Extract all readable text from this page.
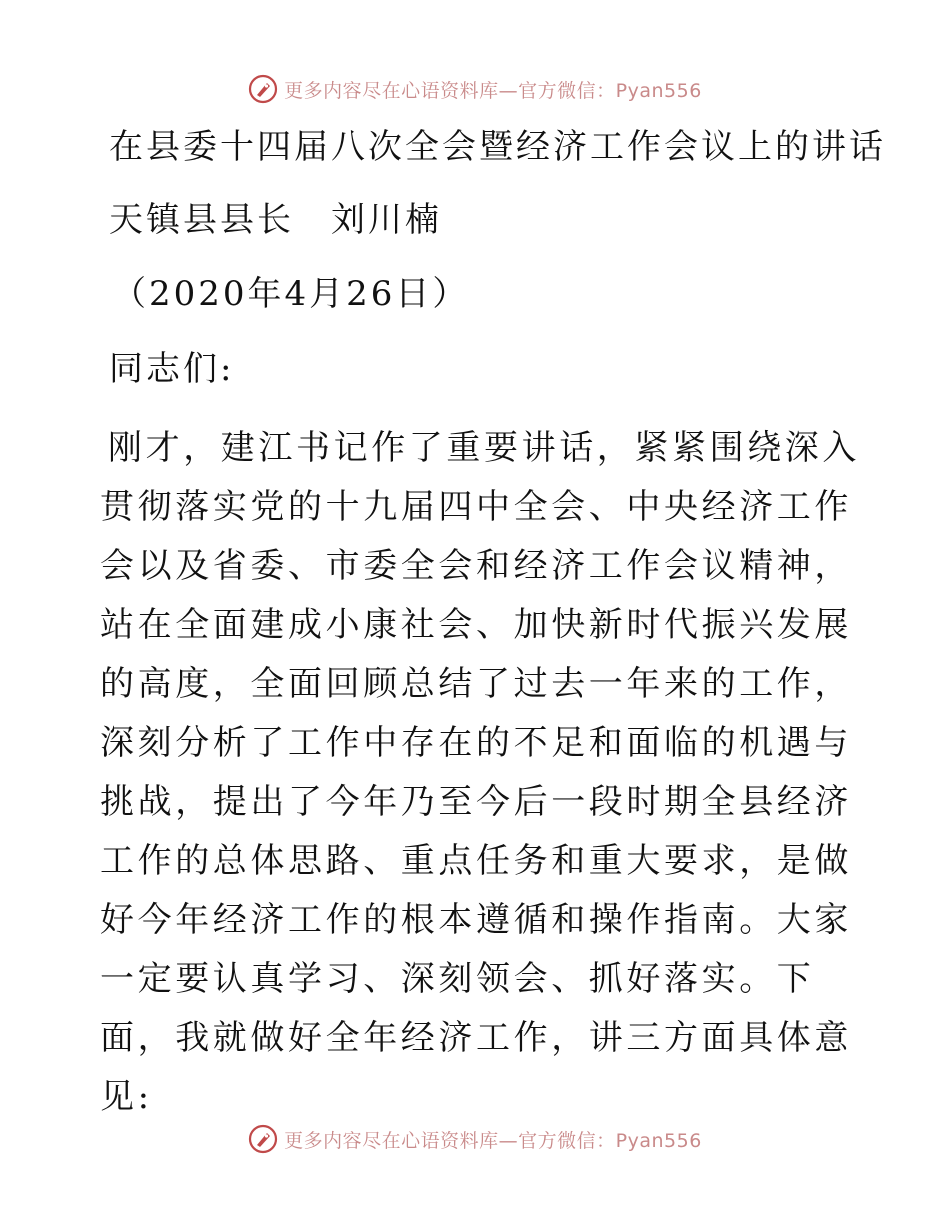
更多内容尽在心语资料库—官方微信：Pyan556
在县委十四届八次全会暨经济工作会议上的讲话
天镇县县长　刘川楠
（2020年4月26日）
同志们:
刚才，建江书记作了重要讲话，紧紧围绕深入贯彻落实党的十九届四中全会、中央经济工作会以及省委、市委全会和经济工作会议精神，站在全面建成小康社会、加快新时代振兴发展的高度，全面回顾总结了过去一年来的工作，深刻分析了工作中存在的不足和面临的机遇与挑战，提出了今年乃至今后一段时期全县经济工作的总体思路、重点任务和重大要求，是做好今年经济工作的根本遵循和操作指南。大家一定要认真学习、深刻领会、抓好落实。下面，我就做好全年经济工作，讲三方面具体意见:
更多内容尽在心语资料库—官方微信：Pyan556
